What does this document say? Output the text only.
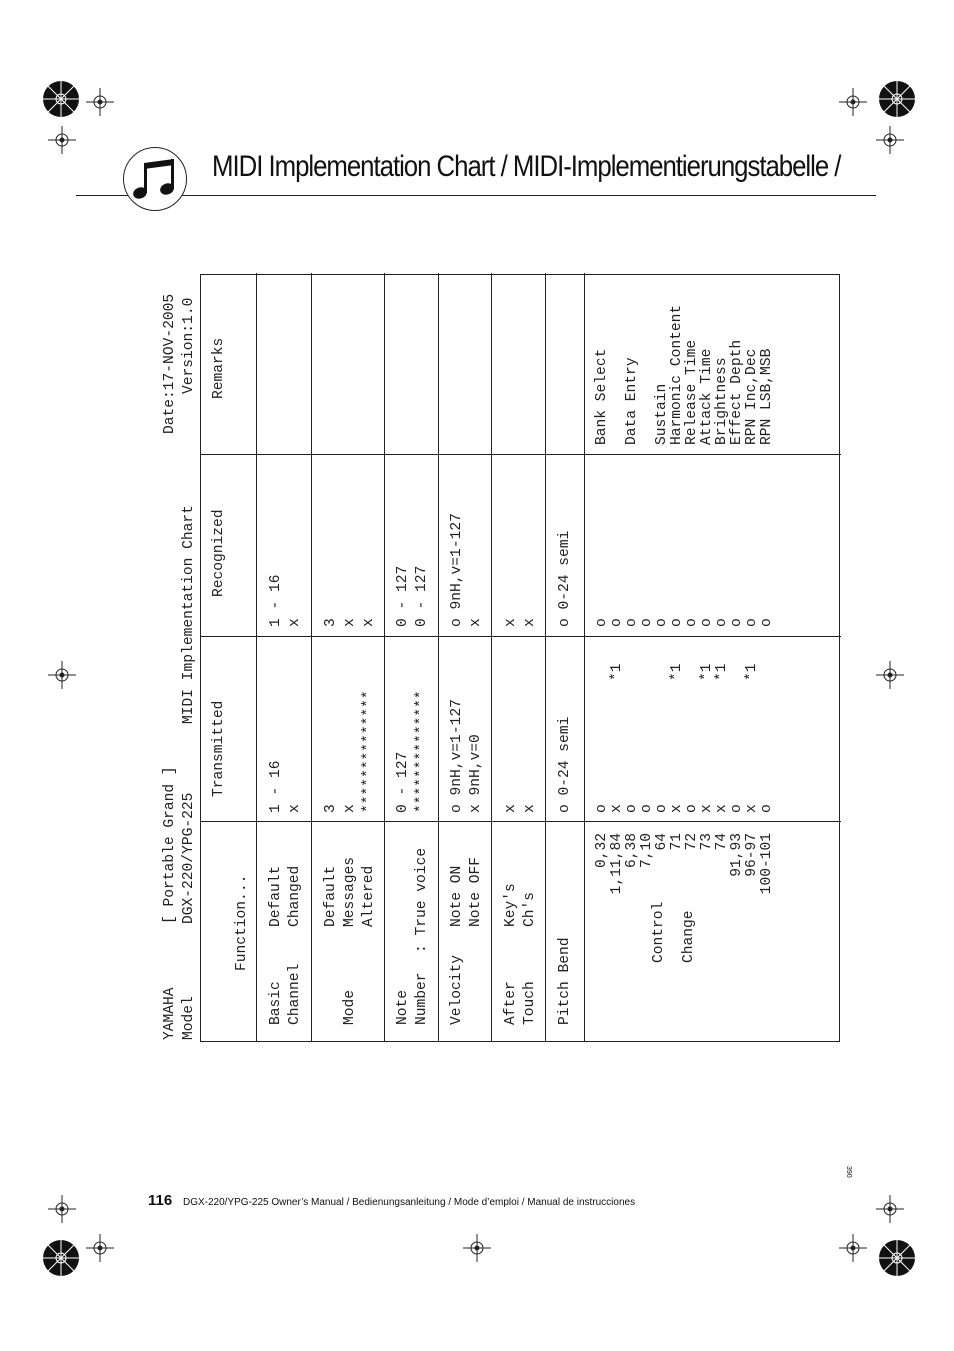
MIDI Implementation Chart / MIDI-Implementierungstabelle /
YAMAHA Model
[ Portable Grand ] DGX-220/YPG-225
MIDI Implementation Chart
Date:17-NOV-2005 Version:1.0
Function...
Transmitted
Recognized
Remarks
Basic
Channel
Default
Changed
1 - 16
x
1 - 16
x
Mode
Default
Messages
Altered
3
x
**************
3
x
x
Note
Number

: True voice
0 - 127
**************
0 - 127
0 - 127
Velocity
Note ON
Note OFF
o 9nH,v=1-127
x 9nH,v=0
o 9nH,v=1-127
x
After
Touch
Key's
Ch's
x
x
x
x
Pitch Bend
o 0-24 semi
o 0-24 semi
Control

Change
0,32
1,11,84
6,38
7,10
64
71
72
73
74
91,93
96-97
100-101
o
x
o
o
o
x
o
x
x
o
x
o

*1

*1

*1
*1

*1

o
o
o
o
o
o
o
o
o
o
o
o
Bank Select

Data Entry

Sustain
Harmonic Content
Release Time
Attack Time
Brightness
Effect Depth
RPN Inc,Dec
RPN LSB,MSB
116 DGX-220/YPG-225 Owner’s Manual / Bedienungsanleitung / Mode d’emploi / Manual de instrucciones
390
